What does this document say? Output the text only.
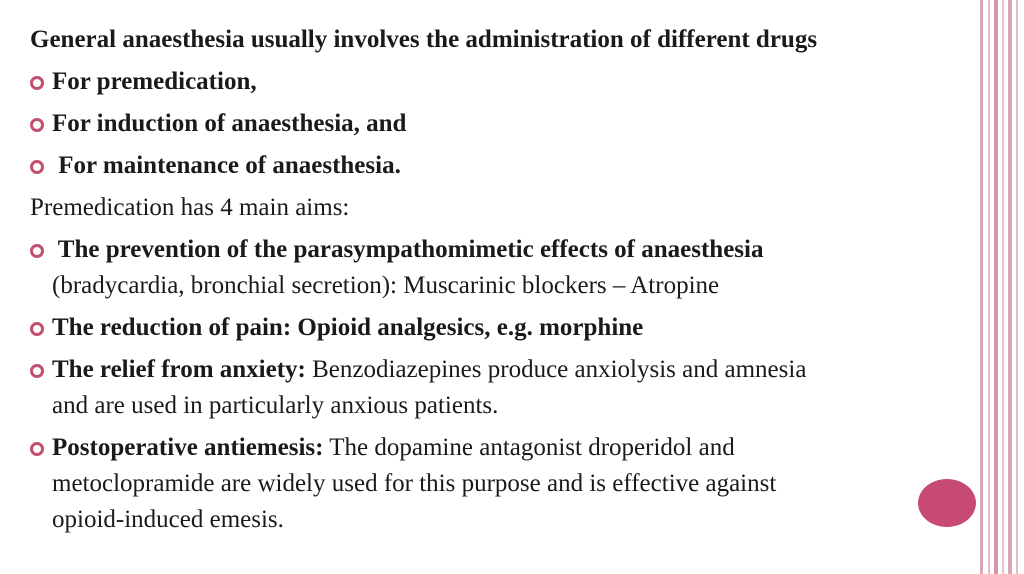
General anaesthesia usually involves the administration of different drugs
For premedication,
For induction of anaesthesia, and
For maintenance of anaesthesia.
Premedication has 4 main aims:
The prevention of the parasympathomimetic effects of anaesthesia
(bradycardia, bronchial secretion): Muscarinic blockers – Atropine
The reduction of pain: Opioid analgesics, e.g. morphine
The relief from anxiety: Benzodiazepines produce anxiolysis and amnesia
and are used in particularly anxious patients.
Postoperative antiemesis: The dopamine antagonist droperidol and
metoclopramide are widely used for this purpose and is effective against
opioid-induced emesis.
